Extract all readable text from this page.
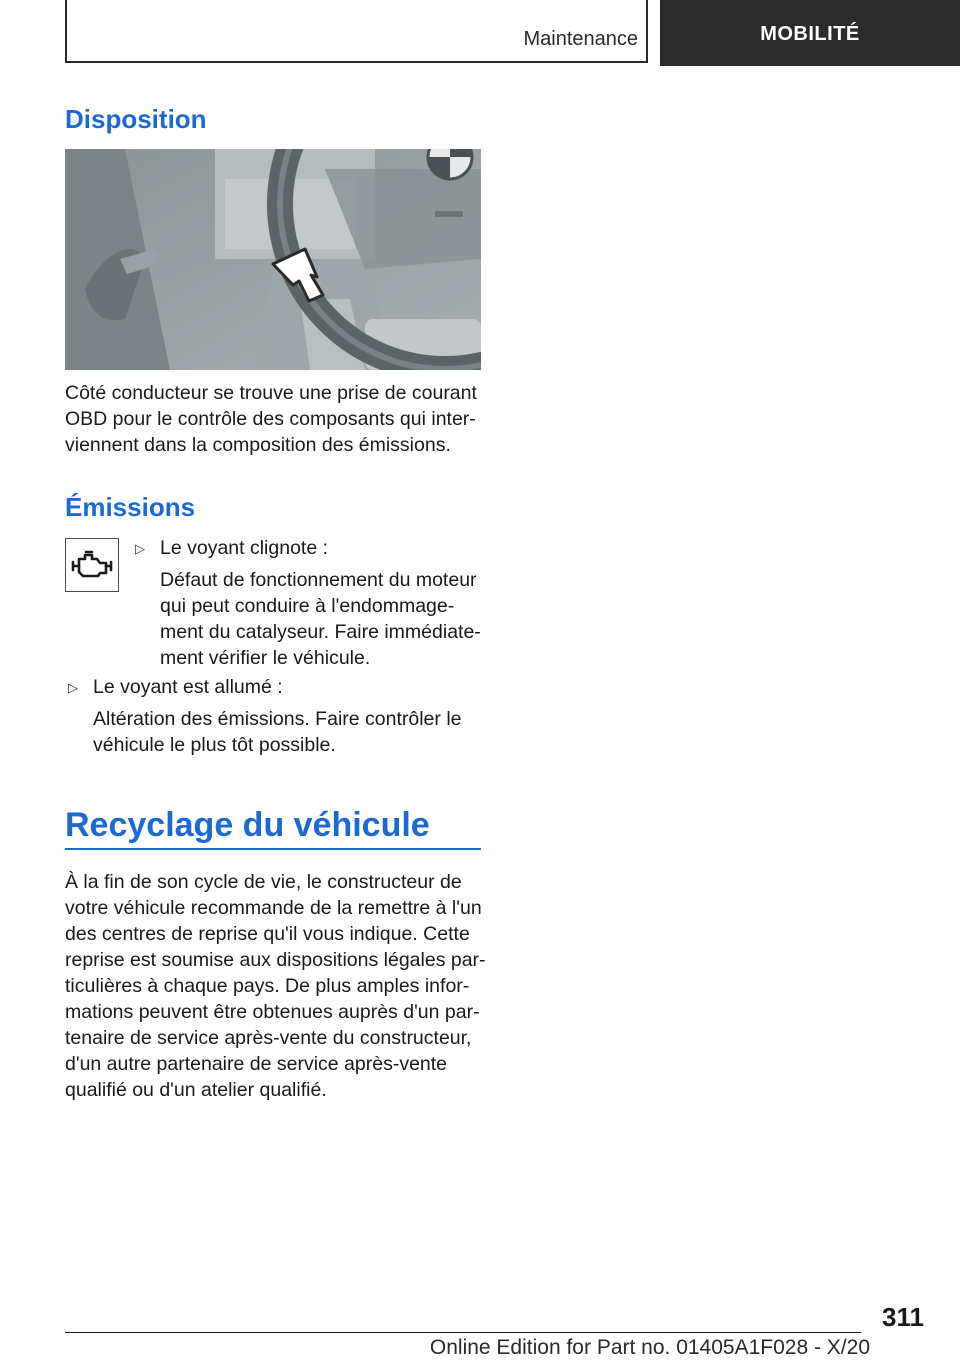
Maintenance	MOBILITÉ
Disposition

Côté conducteur se trouve une prise de courant
OBD pour le contrôle des composants qui inter‐
viennent dans la composition des émissions.

Émissions
▷ Le voyant clignote :
Défaut de fonctionnement du moteur
qui peut conduire à l'endommage‐
ment du catalyseur. Faire immédiate‐
ment vérifier le véhicule.
▷ Le voyant est allumé :
Altération des émissions. Faire contrôler le
véhicule le plus tôt possible.
Recyclage du véhicule

À la fin de son cycle de vie, le constructeur de
votre véhicule recommande de la remettre à l'un
des centres de reprise qu'il vous indique. Cette
reprise est soumise aux dispositions légales par‐
ticulières à chaque pays. De plus amples infor‐
mations peuvent être obtenues auprès d'un par‐
tenaire de service après-vente du constructeur,
d'un autre partenaire de service après-vente
qualifié ou d'un atelier qualifié.

311
Online Edition for Part no. 01405A1F028 - X/20
